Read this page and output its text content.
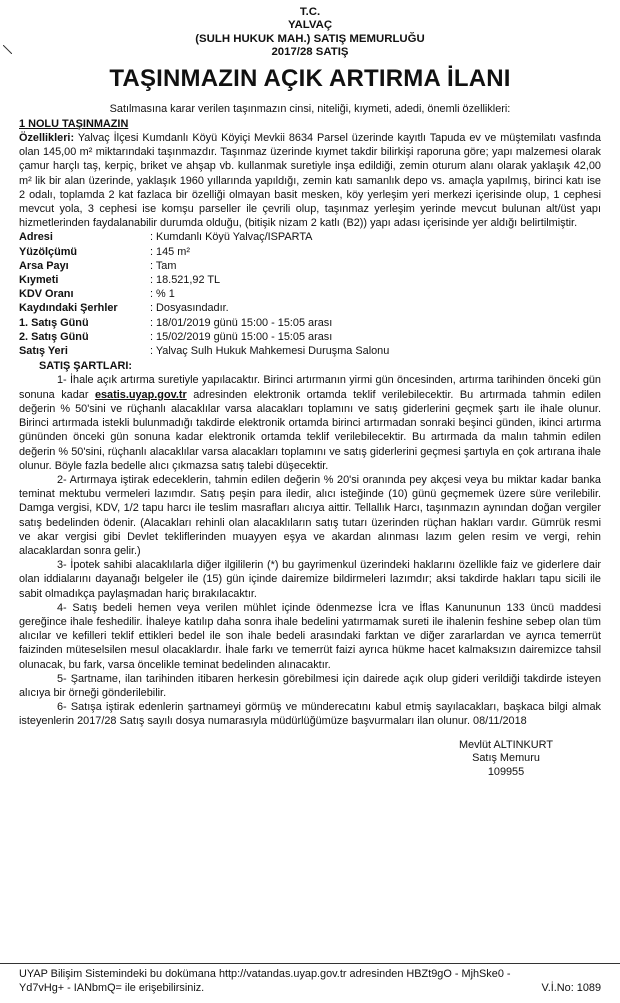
T.C.
YALVAÇ
(SULH HUKUK MAH.) SATIŞ MEMURLUĞU
2017/28 SATIŞ
TAŞINMAZIN AÇIK ARTIRMA İLANI
Satılmasına karar verilen taşınmazın cinsi, niteliği, kıymeti, adedi, önemli özellikleri:
1 NOLU TAŞINMAZIN

Özellikleri: Yalvaç İlçesi Kumdanlı Köyü Köyiçi Mevkii 8634 Parsel üzerinde kayıtlı Tapuda ev ve müştemilatı vasfında olan 145,00 m² miktarındaki taşınmazdır. Taşınmaz üzerinde kıymet takdir bilirkişi raporuna göre; yapı malzemesi olarak çamur harçlı taş, kerpiç, briket ve ahşap vb. kullanmak suretiyle inşa edildiği, zemin oturum alanı olarak yaklaşık 42,00 m² lik bir alan üzerinde, yaklaşık 1960 yıllarında yapıldığı, zemin katı samanlık depo vs. amaçla yapılmış, birinci katı ise 2 odalı, toplamda 2 kat fazlaca bir özelliği olmayan basit mesken, köy yerleşim yeri merkezi içerisinde olup, 1 cephesi mevcut yola, 3 cephesi ise komşu parseller ile çevrili olup, taşınmaz yerleşim yerinde mevcut bulunan alt/üst yapı hizmetlerinden faydalanabilir durumda olduğu, (bitişik nizam 2 katlı (B2)) yapı adası içerisinde yer aldığı belirtilmiştir.

Adresi	: Kumdanlı Köyü Yalvaç/ISPARTA
Yüzölçümü	: 145 m²
Arsa Payı	: Tam
Kıymeti	: 18.521,92 TL
KDV Oranı	: % 1
Kaydındaki Şerhler	: Dosyasındadır.
1. Satış Günü	: 18/01/2019 günü 15:00 - 15:05 arası
2. Satış Günü	: 15/02/2019 günü 15:00 - 15:05 arası
Satış Yeri	: Yalvaç Sulh Hukuk Mahkemesi Duruşma Salonu
SATIŞ ŞARTLARI:

1- İhale açık artırma suretiyle yapılacaktır. Birinci artırmanın yirmi gün öncesinden, artırma tarihinden önceki gün sonuna kadar esatis.uyap.gov.tr adresinden elektronik ortamda teklif verilebilecektir. Bu artırmada tahmin edilen değerin % 50'sini ve rüçhanlı alacaklılar varsa alacakları toplamını ve satış giderlerini geçmek şartı ile ihale olunur. Birinci artırmada istekli bulunmadığı takdirde elektronik ortamda birinci artırmadan sonraki beşinci günden, ikinci artırma gününden önceki gün sonuna kadar elektronik ortamda teklif verilebilecektir. Bu artırmada da malın tahmin edilen değerin % 50'sini, rüçhanlı alacaklılar varsa alacakları toplamını ve satış giderlerini geçmesi şartıyla en çok artırana ihale olunur. Böyle fazla bedelle alıcı çıkmazsa satış talebi düşecektir.

2- Artırmaya iştirak edeceklerin, tahmin edilen değerin % 20'si oranında pey akçesi veya bu miktar kadar banka teminat mektubu vermeleri lazımdır. Satış peşin para iledir, alıcı isteğinde (10) günü geçmemek üzere süre verilebilir. Damga vergisi, KDV, 1/2 tapu harcı ile teslim masrafları alıcıya aittir. Tellallık Harcı, taşınmazın aynından doğan vergiler satış bedelinden ödenir. (Alacakları rehinli olan alacaklıların satış tutarı üzerinden rüçhan hakları vardır. Gümrük resmi ve akar vergisi gibi Devlet tekliflerinden muayyen eşya ve akardan alınması lazım gelen resim ve vergi, rehin alacaklardan sonra gelir.)

3- İpotek sahibi alacaklılarla diğer ilgililerin (*) bu gayrimenkul üzerindeki haklarını özellikle faiz ve giderlere dair olan iddialarını dayanağı belgeler ile (15) gün içinde dairemize bildirmeleri lazımdır; aksi takdirde hakları tapu sicili ile sabit olmadıkça paylaşmadan hariç bırakılacaktır.

4- Satış bedeli hemen veya verilen mühlet içinde ödenmezse İcra ve İflas Kanununun 133 üncü maddesi gereğince ihale feshedilir. İhaleye katılıp daha sonra ihale bedelini yatırmamak sureti ile ihalenin feshine sebep olan tüm alıcılar ve kefilleri teklif ettikleri bedel ile son ihale bedeli arasındaki farktan ve diğer zararlardan ve ayrıca temerrüt faizinden müteselsilen mesul olacaklardır. İhale farkı ve temerrüt faizi ayrıca hükme hacet kalmaksızın dairemizce tahsil olunacak, bu fark, varsa öncelikle teminat bedelinden alınacaktır.

5- Şartname, ilan tarihinden itibaren herkesin görebilmesi için dairede açık olup gideri verildiği takdirde isteyen alıcıya bir örneği gönderilebilir.

6- Satışa iştirak edenlerin şartnameyi görmüş ve münderecatını kabul etmiş sayılacakları, başkaca bilgi almak isteyenlerin 2017/28 Satış sayılı dosya numarasıyla müdürlüğümüze başvurmaları ilan olunur. 08/11/2018

Mevlüt ALTINKURT
Satış Memuru
109955
UYAP Bilişim Sistemindeki bu dokümana http://vatandas.uyap.gov.tr adresinden HBZt9gO - MjhSke0 - Yd7vHg+ - IANbmQ= ile erişebilirsiniz.	V.İ.No: 1089
